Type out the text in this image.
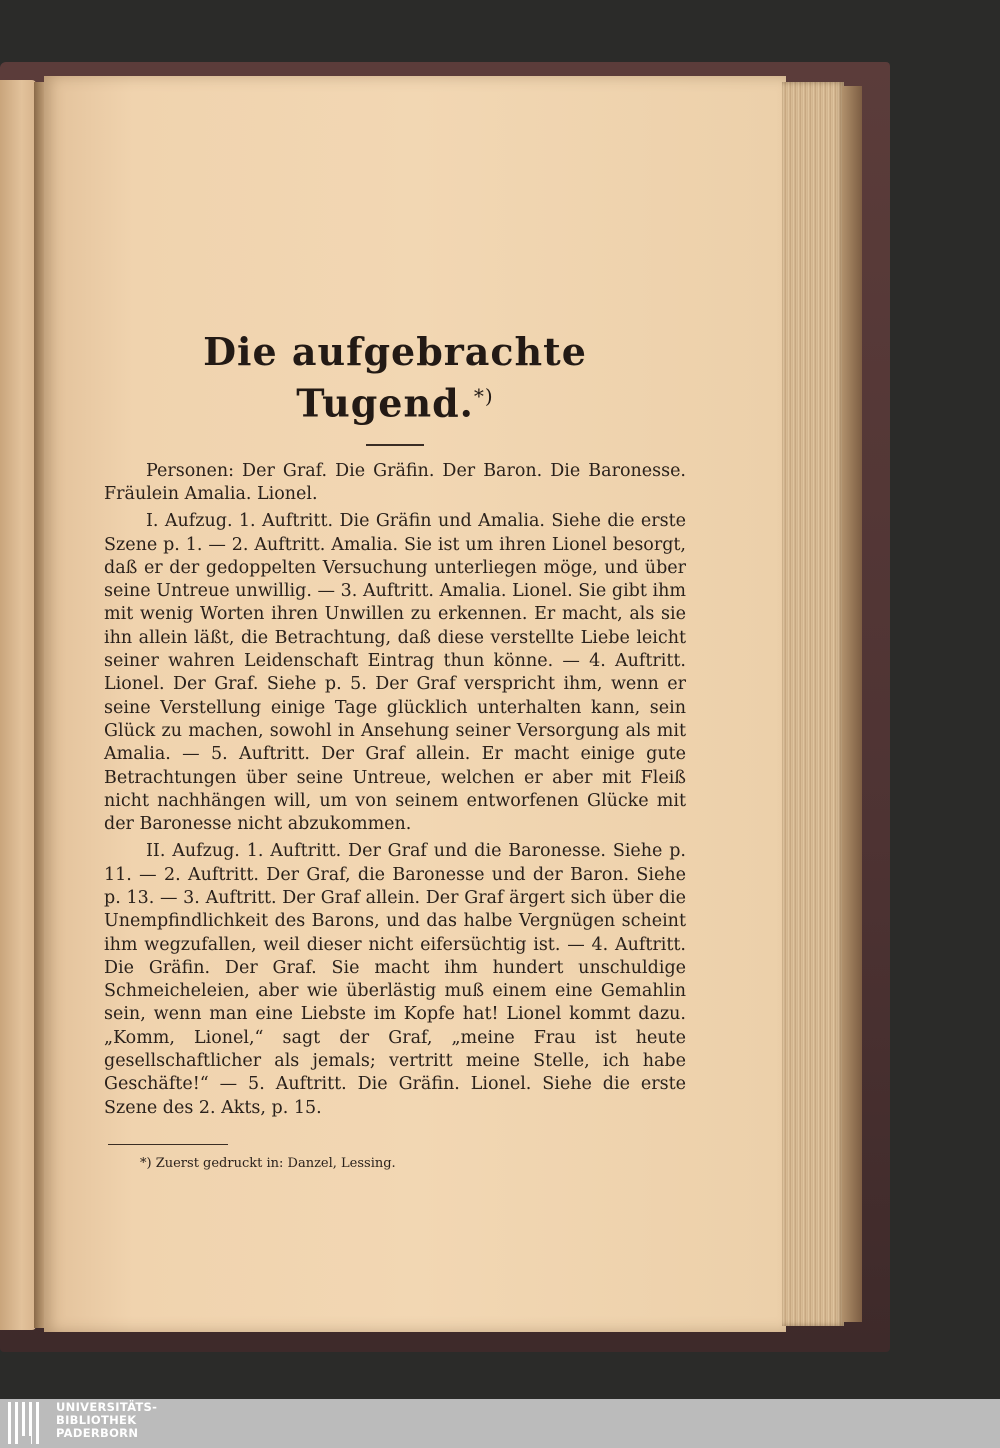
Die aufgebrachte Tugend.*)

Personen: Der Graf. Die Gräfin. Der Baron. Die Baronesse. Fräulein Amalia. Lionel.

I. Aufzug. 1. Auftritt. Die Gräfin und Amalia. Siehe die erste Szene p. 1. — 2. Auftritt. Amalia. Sie ist um ihren Lionel besorgt, daß er der gedoppelten Versuchung unterliegen möge, und über seine Untreue unwillig. — 3. Auftritt. Amalia. Lionel. Sie gibt ihm mit wenig Worten ihren Unwillen zu erkennen. Er macht, als sie ihn allein läßt, die Betrachtung, daß diese verstellte Liebe leicht seiner wahren Leidenschaft Eintrag thun könne. — 4. Auftritt. Lionel. Der Graf. Siehe p. 5. Der Graf verspricht ihm, wenn er seine Verstellung einige Tage glücklich unterhalten kann, sein Glück zu machen, sowohl in Ansehung seiner Versorgung als mit Amalia. — 5. Auftritt. Der Graf allein. Er macht einige gute Betrachtungen über seine Untreue, welchen er aber mit Fleiß nicht nachhängen will, um von seinem entworfenen Glücke mit der Baronesse nicht abzukommen.

II. Aufzug. 1. Auftritt. Der Graf und die Baronesse. Siehe p. 11. — 2. Auftritt. Der Graf, die Baronesse und der Baron. Siehe p. 13. — 3. Auftritt. Der Graf allein. Der Graf ärgert sich über die Unempfindlichkeit des Barons, und das halbe Vergnügen scheint ihm wegzufallen, weil dieser nicht eifersüchtig ist. — 4. Auftritt. Die Gräfin. Der Graf. Sie macht ihm hundert unschuldige Schmeicheleien, aber wie überlästig muß einem eine Gemahlin sein, wenn man eine Liebste im Kopfe hat! Lionel kommt dazu. „Komm, Lionel,“ sagt der Graf, „meine Frau ist heute gesellschaftlicher als jemals; vertritt meine Stelle, ich habe Geschäfte!“ — 5. Auftritt. Die Gräfin. Lionel. Siehe die erste Szene des 2. Akts, p. 15.

*) Zuerst gedruckt in: Danzel, Lessing.

UNIVERSITÄTS-
BIBLIOTHEK
PADERBORN
